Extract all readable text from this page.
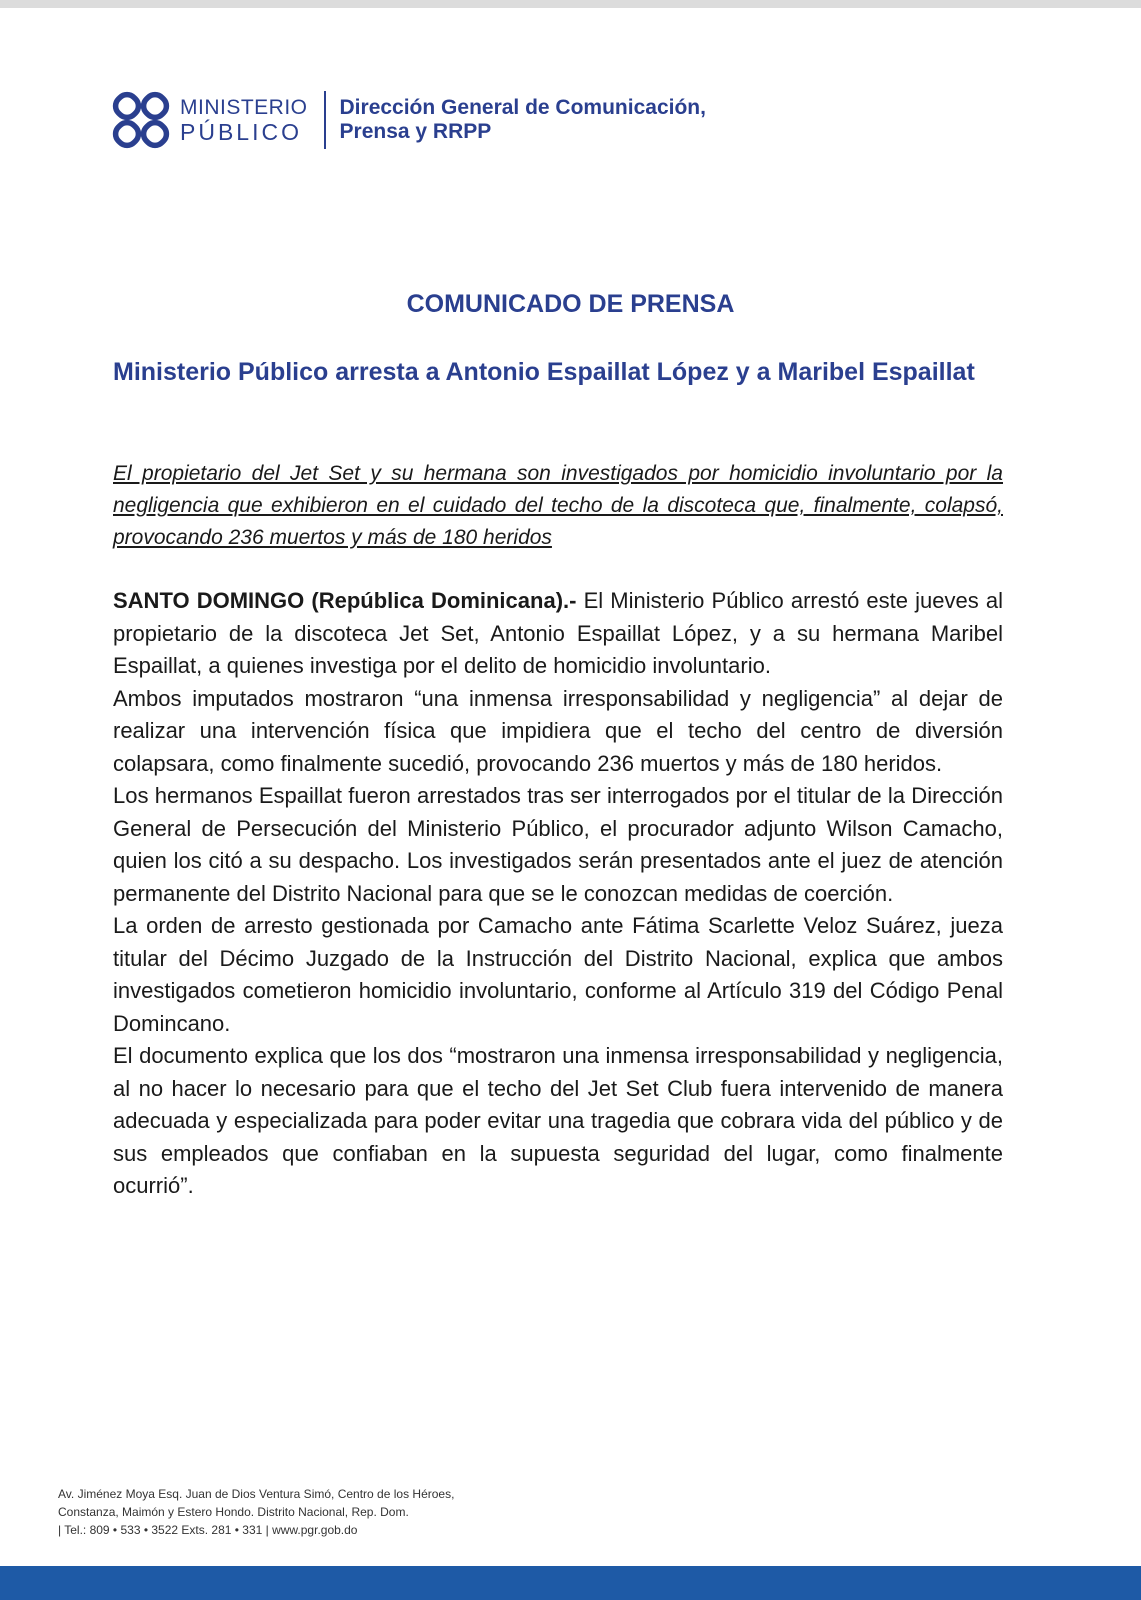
MINISTERIO
PÚBLICO
Dirección General de Comunicación,
Prensa y RRPP
COMUNICADO DE PRENSA
Ministerio Público arresta a Antonio Espaillat López y a Maribel Espaillat
El propietario del Jet Set y su hermana son investigados por homicidio involuntario por la negligencia que exhibieron en el cuidado del techo de la discoteca que, finalmente, colapsó, provocando 236 muertos y más de 180 heridos

SANTO DOMINGO (República Dominicana).- El Ministerio Público arrestó este jueves al propietario de la discoteca Jet Set, Antonio Espaillat López, y a su hermana Maribel Espaillat, a quienes investiga por el delito de homicidio involuntario.

Ambos imputados mostraron “una inmensa irresponsabilidad y negligencia” al dejar de realizar una intervención física que impidiera que el techo del centro de diversión colapsara, como finalmente sucedió, provocando 236 muertos y más de 180 heridos.

Los hermanos Espaillat fueron arrestados tras ser interrogados por el titular de la Dirección General de Persecución del Ministerio Público, el procurador adjunto Wilson Camacho, quien los citó a su despacho. Los investigados serán presentados ante el juez de atención permanente del Distrito Nacional para que se le conozcan medidas de coerción.

La orden de arresto gestionada por Camacho ante Fátima Scarlette Veloz Suárez, jueza titular del Décimo Juzgado de la Instrucción del Distrito Nacional, explica que ambos investigados cometieron homicidio involuntario, conforme al Artículo 319 del Código Penal Domincano.

El documento explica que los dos “mostraron una inmensa irresponsabilidad y negligencia, al no hacer lo necesario para que el techo del Jet Set Club fuera intervenido de manera adecuada y especializada para poder evitar una tragedia que cobrara vida del público y de sus empleados que confiaban en la supuesta seguridad del lugar, como finalmente ocurrió”.

Av. Jiménez Moya Esq. Juan de Dios Ventura Simó, Centro de los Héroes,
Constanza, Maimón y Estero Hondo. Distrito Nacional, Rep. Dom.
| Tel.: 809 • 533 • 3522 Exts. 281 • 331 | www.pgr.gob.do
